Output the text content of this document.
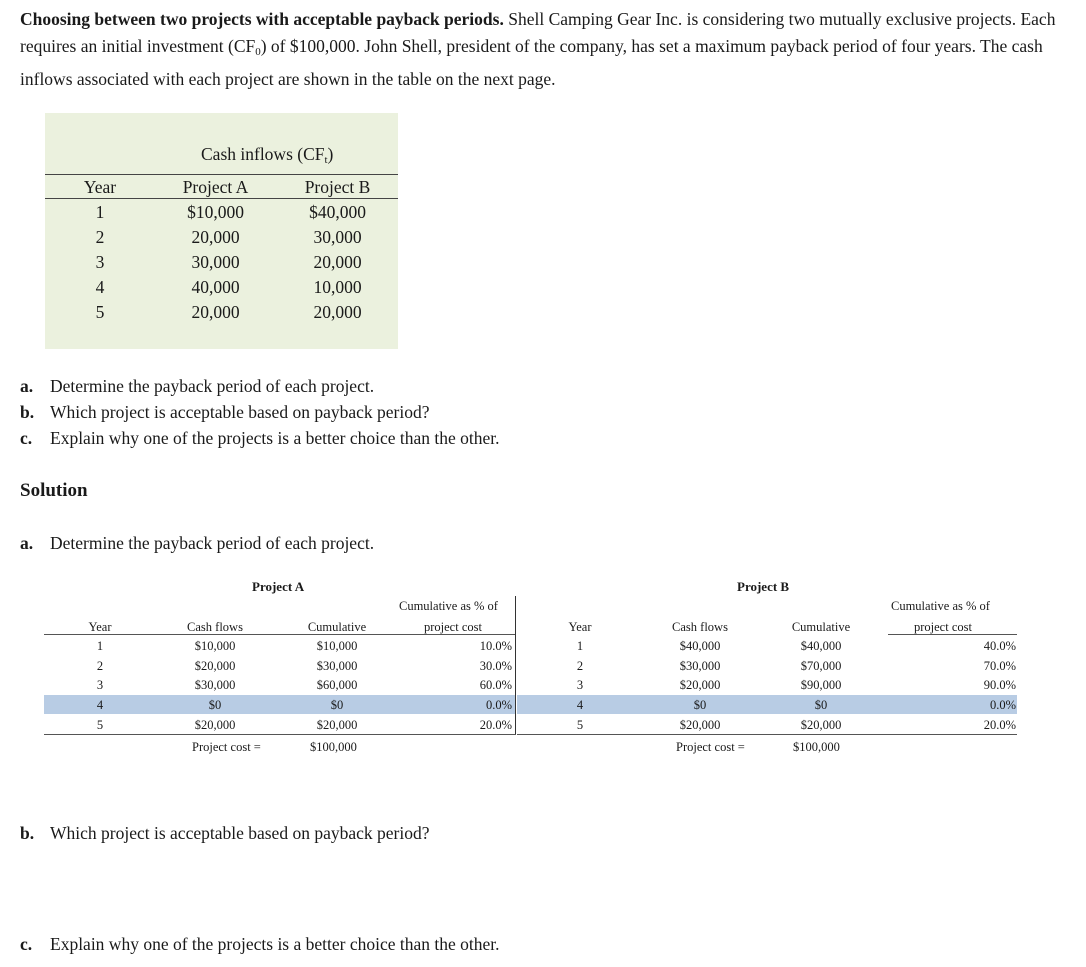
Choosing between two projects with acceptable payback periods. Shell Camping Gear Inc. is considering two mutually exclusive projects. Each requires an initial investment $(CF_0)$ of $100,000. John Shell, president of the company, has set a maximum payback period of four years. The cash inflows associated with each project are shown in the table on the next page.
Cash inflows $(CF_t)$
Year	Project A	Project B
1	$10,000	$40,000
2	20,000	30,000
3	30,000	20,000
4	40,000	10,000
5	20,000	20,000
a. Determine the payback period of each project.
b. Which project is acceptable based on payback period?
c. Explain why one of the projects is a better choice than the other.
Solution
a. Determine the payback period of each project.
Project A
Cumulative as % of
Year	Cash flows	Cumulative	project cost
1	$10,000	$10,000	10.0%
2	$20,000	$30,000	30.0%
3	$30,000	$60,000	60.0%
4	$0	$0	0.0%
5	$20,000	$20,000	20.0%
Project cost =	$100,000
Project B
Cumulative as % of
Year	Cash flows	Cumulative	project cost
1	$40,000	$40,000	40.0%
2	$30,000	$70,000	70.0%
3	$20,000	$90,000	90.0%
4	$0	$0	0.0%
5	$20,000	$20,000	20.0%
Project cost =	$100,000
b. Which project is acceptable based on payback period?
c. Explain why one of the projects is a better choice than the other.
